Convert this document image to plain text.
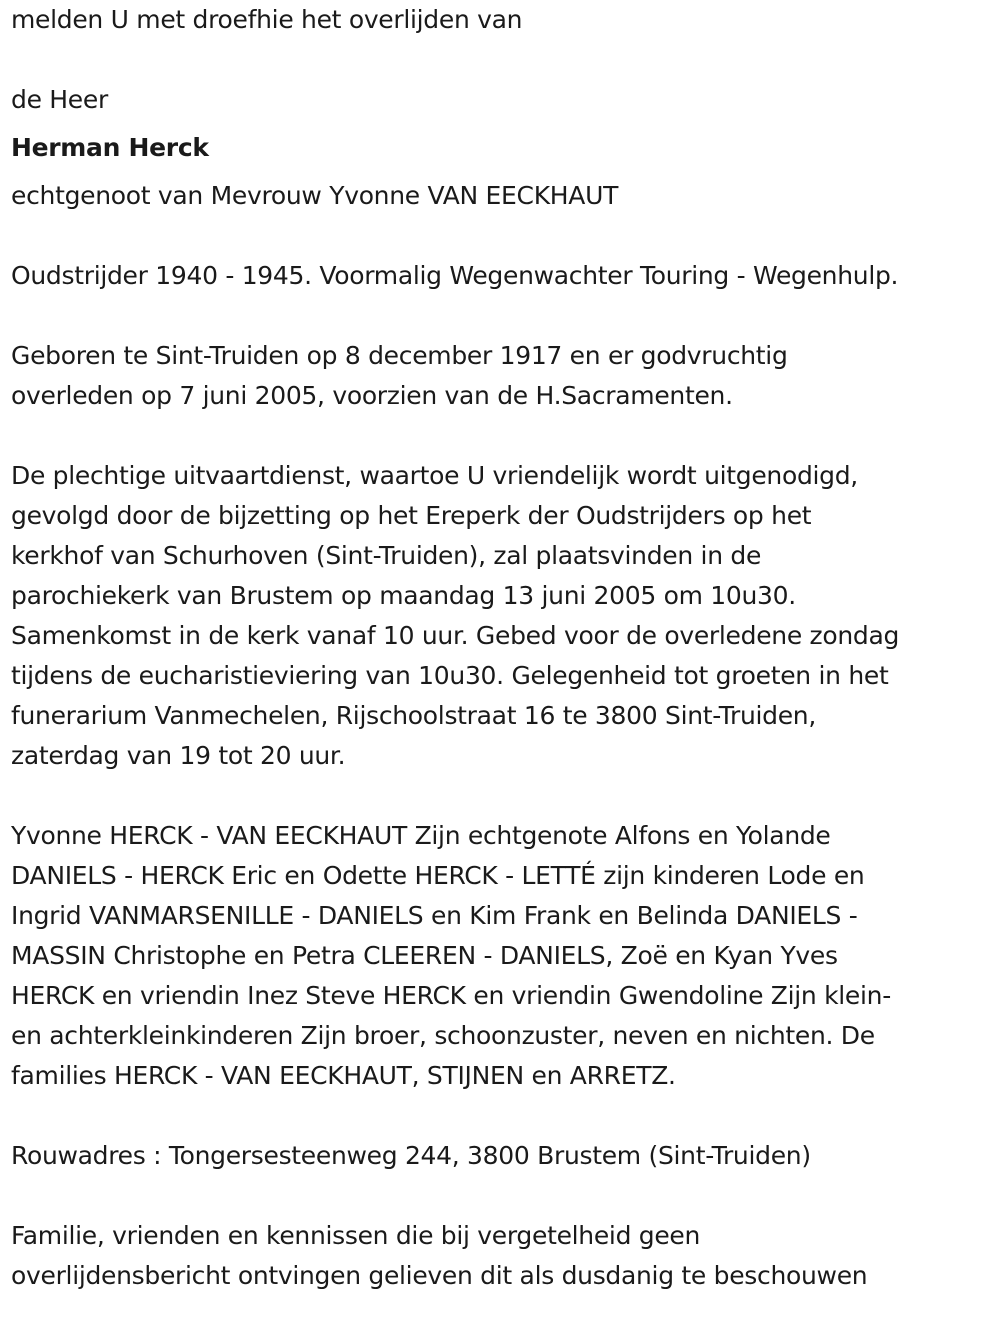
melden U met droefhie het overlijden van
de Heer
Herman Herck
echtgenoot van Mevrouw Yvonne VAN EECKHAUT
Oudstrijder 1940 - 1945. Voormalig Wegenwachter Touring - Wegenhulp.
Geboren te Sint-Truiden op 8 december 1917 en er godvruchtig
overleden op 7 juni 2005, voorzien van de H.Sacramenten.
De plechtige uitvaartdienst, waartoe U vriendelijk wordt uitgenodigd,
gevolgd door de bijzetting op het Ereperk der Oudstrijders op het
kerkhof van Schurhoven (Sint-Truiden), zal plaatsvinden in de
parochiekerk van Brustem op maandag 13 juni 2005 om 10u30.
Samenkomst in de kerk vanaf 10 uur. Gebed voor de overledene zondag
tijdens de eucharistieviering van 10u30. Gelegenheid tot groeten in het
funerarium Vanmechelen, Rijschoolstraat 16 te 3800 Sint-Truiden,
zaterdag van 19 tot 20 uur.
Yvonne HERCK - VAN EECKHAUT Zijn echtgenote Alfons en Yolande
DANIELS - HERCK Eric en Odette HERCK - LETTÉ zijn kinderen Lode en
Ingrid VANMARSENILLE - DANIELS en Kim Frank en Belinda DANIELS -
MASSIN Christophe en Petra CLEEREN - DANIELS, Zoë en Kyan Yves
HERCK en vriendin Inez Steve HERCK en vriendin Gwendoline Zijn klein-
en achterkleinkinderen Zijn broer, schoonzuster, neven en nichten. De
families HERCK - VAN EECKHAUT, STIJNEN en ARRETZ.
Rouwadres : Tongersesteenweg 244, 3800 Brustem (Sint-Truiden)
Familie, vrienden en kennissen die bij vergetelheid geen
overlijdensbericht ontvingen gelieven dit als dusdanig te beschouwen
